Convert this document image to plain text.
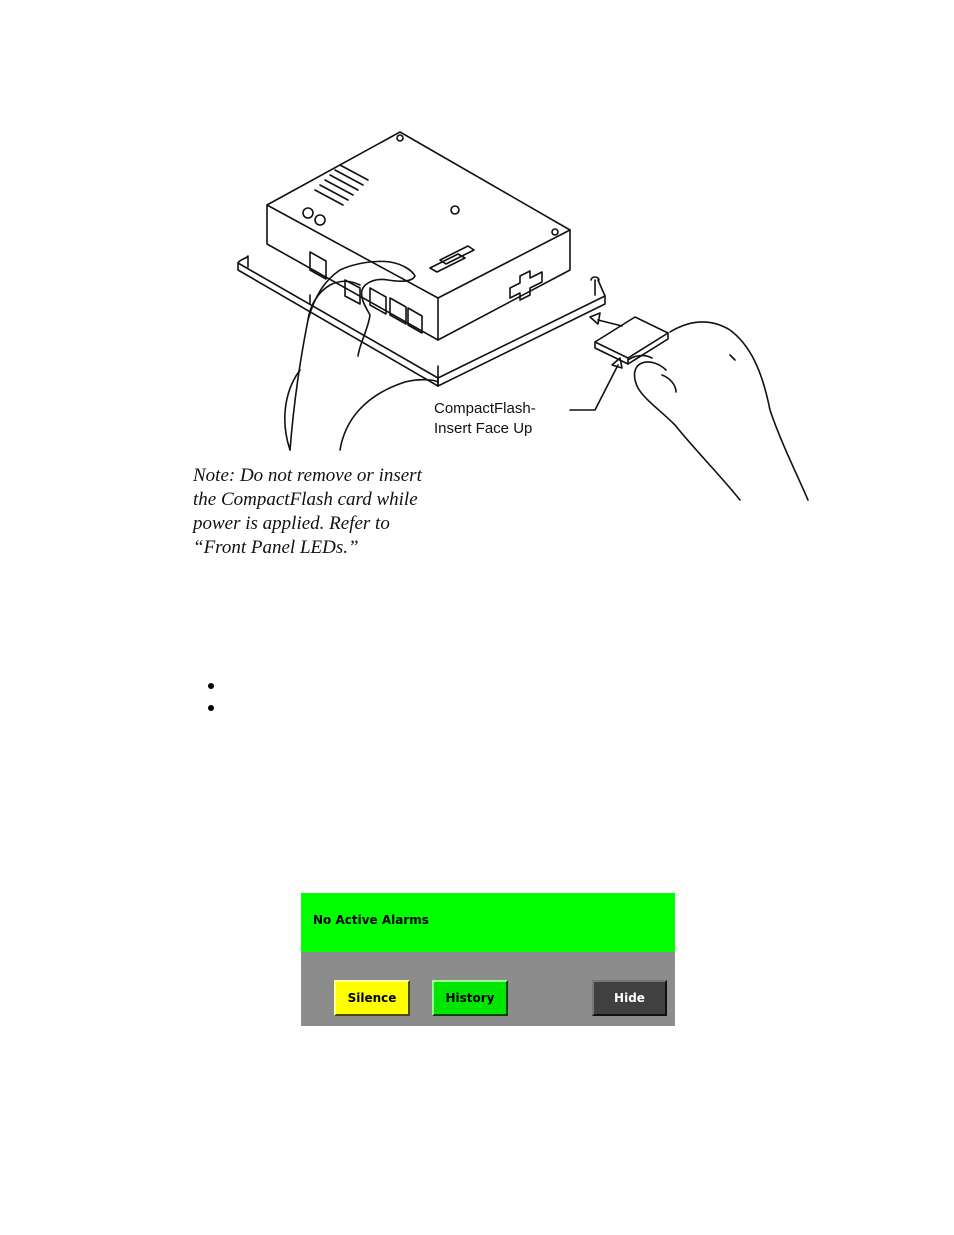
CompactFlash-
Insert Face Up
Note: Do not remove or insert
the CompactFlash card while
power is applied. Refer to
“Front Panel LEDs.”
No Active Alarms
Silence	History	Hide
